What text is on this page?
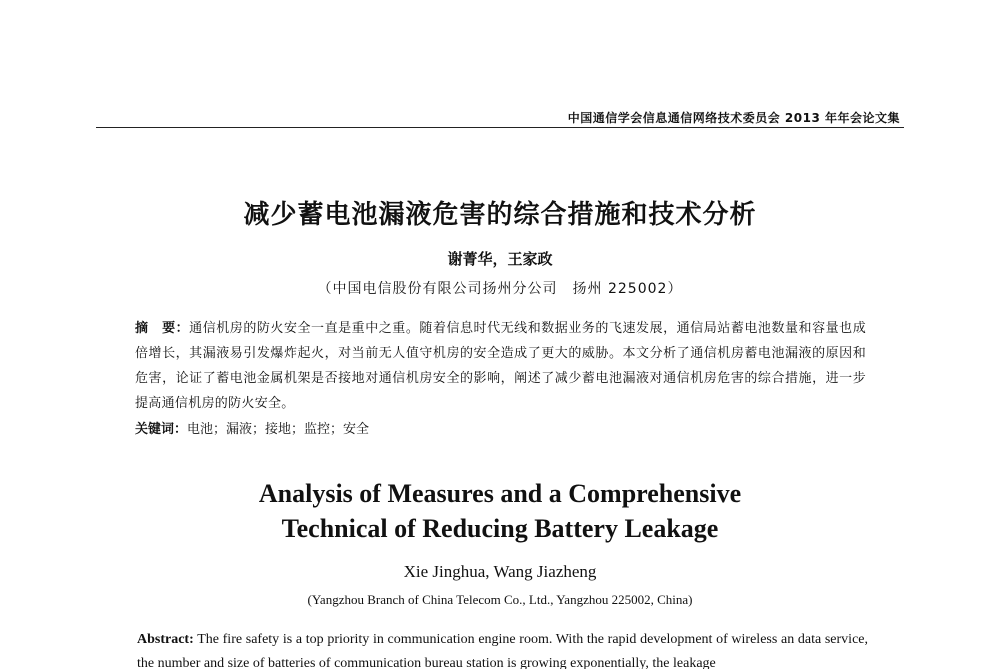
中国通信学会信息通信网络技术委员会 2013 年年会论文集
减少蓄电池漏液危害的综合措施和技术分析
谢菁华，王家政
（中国电信股份有限公司扬州分公司　扬州 225002）
摘　要：通信机房的防火安全一直是重中之重。随着信息时代无线和数据业务的飞速发展，通信局站蓄电池数量和容量也成倍增长，其漏液易引发爆炸起火，对当前无人值守机房的安全造成了更大的威胁。本文分析了通信机房蓄电池漏液的原因和危害，论证了蓄电池金属机架是否接地对通信机房安全的影响，阐述了减少蓄电池漏液对通信机房危害的综合措施，进一步提高通信机房的防火安全。
关键词：电池；漏液；接地；监控；安全
Analysis of Measures and a Comprehensive
Technical of Reducing Battery Leakage
Xie Jinghua, Wang Jiazheng
(Yangzhou Branch of China Telecom Co., Ltd., Yangzhou 225002, China)
Abstract: The fire safety is a top priority in communication engine room. With the rapid development of wireless an data service, the number and size of batteries of communication bureau station is growing exponentially, the leakage
